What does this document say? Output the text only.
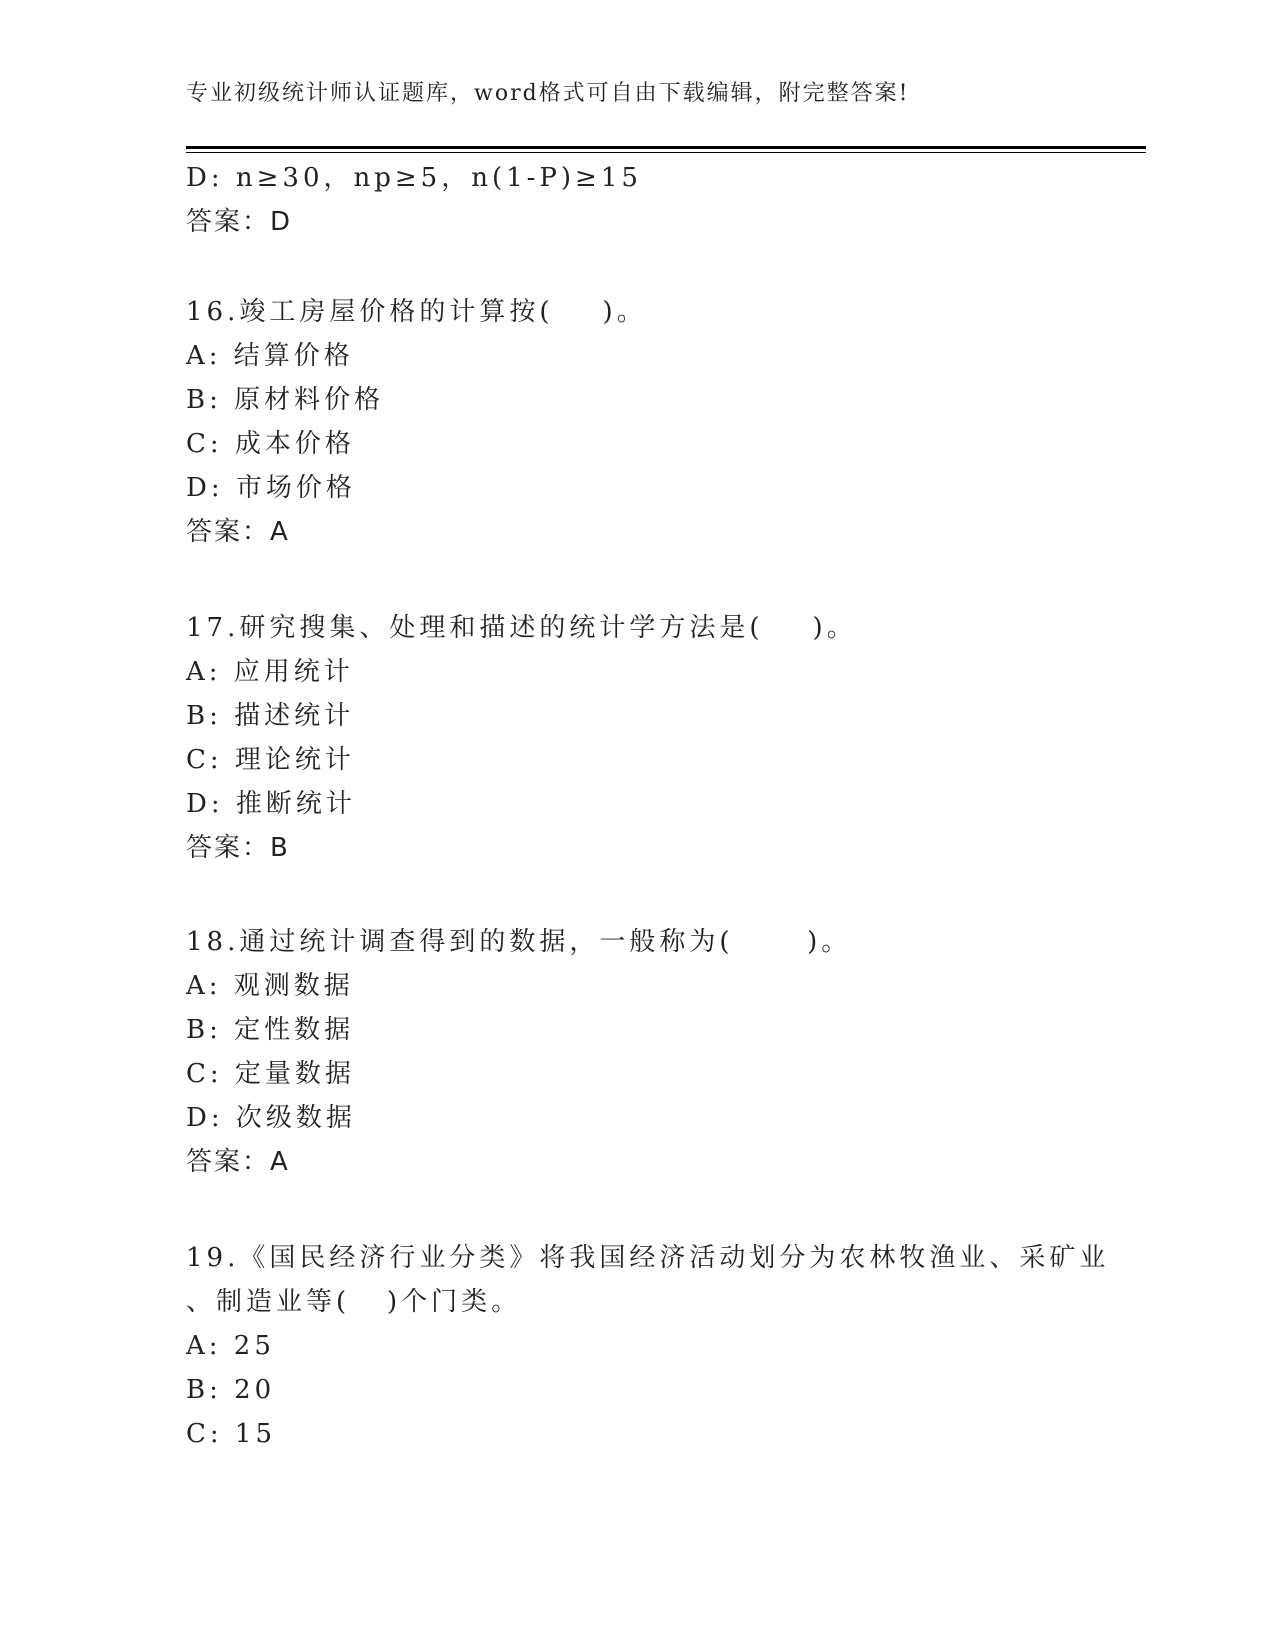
专业初级统计师认证题库，word格式可自由下载编辑，附完整答案!
D: n≥30，np≥5，n(1-P)≥15
答案：D
16.竣工房屋价格的计算按(    )。
A: 结算价格
B: 原材料价格
C: 成本价格
D: 市场价格
答案：A
17.研究搜集、处理和描述的统计学方法是(    )。
A: 应用统计
B: 描述统计
C: 理论统计
D: 推断统计
答案：B
18.通过统计调查得到的数据，一般称为(      )。
A: 观测数据
B: 定性数据
C: 定量数据
D: 次级数据
答案：A
19.《国民经济行业分类》将我国经济活动划分为农林牧渔业、采矿业
、制造业等(   )个门类。
A: 25
B: 20
C: 15
